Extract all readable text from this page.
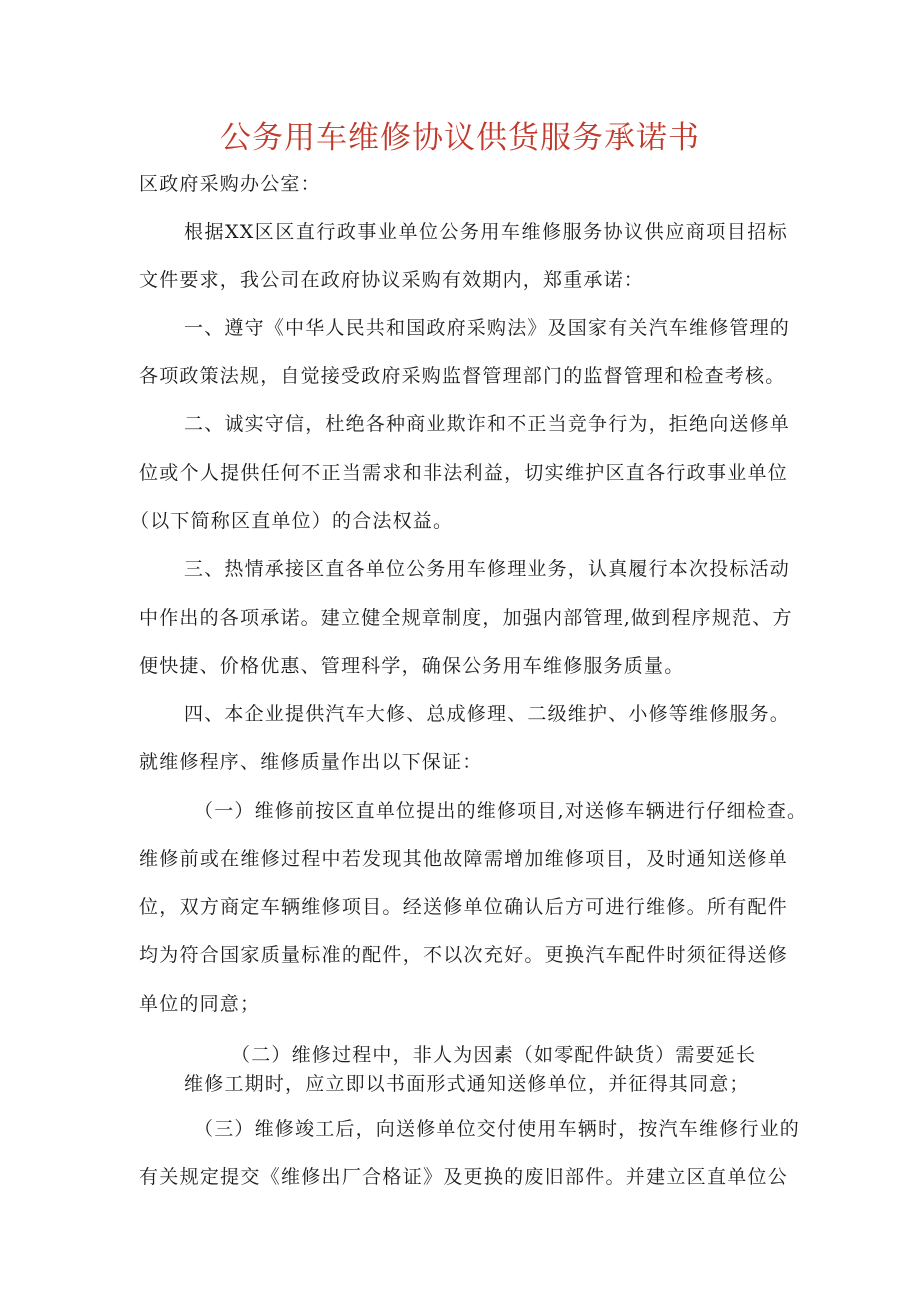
公务用车维修协议供货服务承诺书
区政府采购办公室：
根据XX区区直行政事业单位公务用车维修服务协议供应商项目招标
文件要求，我公司在政府协议采购有效期内，郑重承诺：
一、遵守《中华人民共和国政府采购法》及国家有关汽车维修管理的
各项政策法规，自觉接受政府采购监督管理部门的监督管理和检查考核。
二、诚实守信，杜绝各种商业欺诈和不正当竞争行为，拒绝向送修单
位或个人提供任何不正当需求和非法利益，切实维护区直各行政事业单位
（以下简称区直单位）的合法权益。
三、热情承接区直各单位公务用车修理业务，认真履行本次投标活动
中作出的各项承诺。建立健全规章制度，加强内部管理,做到程序规范、方
便快捷、价格优惠、管理科学，确保公务用车维修服务质量。
四、本企业提供汽车大修、总成修理、二级维护、小修等维修服务。
就维修程序、维修质量作出以下保证：
（一）维修前按区直单位提出的维修项目,对送修车辆进行仔细检查。
维修前或在维修过程中若发现其他故障需增加维修项目，及时通知送修单
位，双方商定车辆维修项目。经送修单位确认后方可进行维修。所有配件
均为符合国家质量标准的配件，不以次充好。更换汽车配件时须征得送修
单位的同意；
（二）维修过程中，非人为因素（如零配件缺货）需要延长
维修工期时，应立即以书面形式通知送修单位，并征得其同意；
（三）维修竣工后，向送修单位交付使用车辆时，按汽车维修行业的
有关规定提交《维修出厂合格证》及更换的废旧部件。并建立区直单位公
